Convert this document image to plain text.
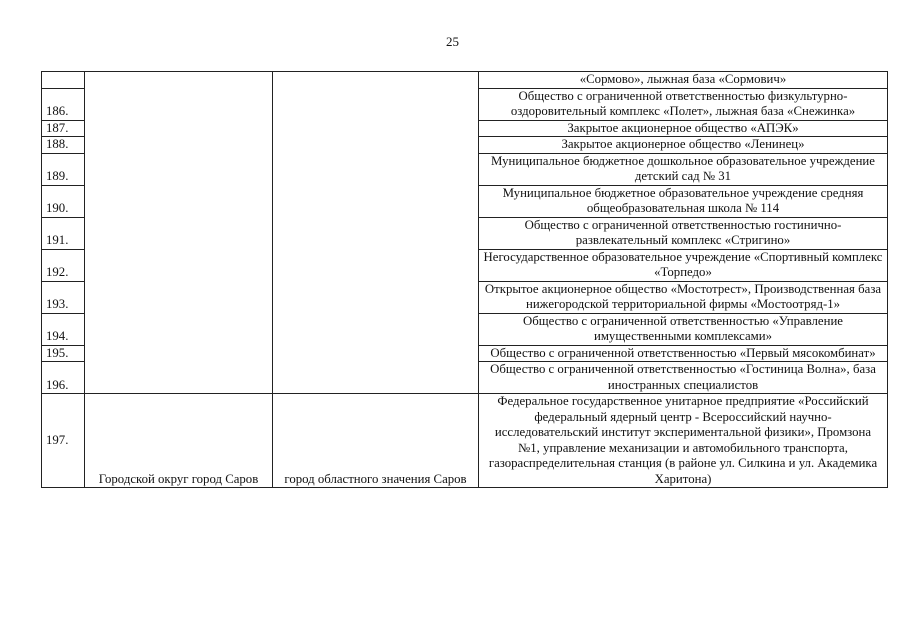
25
			«Сормово», лыжная база «Сормович»
186.			Общество с ограниченной ответственностью физкультурно-оздоровительный комплекс «Полет», лыжная база «Снежинка»
187.			Закрытое акционерное общество «АПЭК»
188.			Закрытое акционерное общество «Ленинец»
189.			Муниципальное бюджетное дошкольное образовательное учреждение детский сад № 31
190.			Муниципальное бюджетное образовательное учреждение средняя общеобразовательная школа № 114
191.			Общество с ограниченной ответственностью гостинично-развлекательный комплекс «Стригино»
192.			Негосударственное образовательное учреждение «Спортивный комплекс «Торпедо»
193.			Открытое акционерное общество «Мостотрест», Производственная база нижегородской территориальной фирмы «Мостоотряд-1»
194.			Общество с ограниченной ответственностью «Управление имущественными комплексами»
195.			Общество с ограниченной ответственностью «Первый мясокомбинат»
196.			Общество с ограниченной ответственностью «Гостиница Волна», база иностранных специалистов
197.	Городской округ город Саров	город областного значения Саров	Федеральное государственное унитарное предприятие «Российский федеральный ядерный центр - Всероссийский научно-исследовательский институт экспериментальной физики», Промзона №1, управление механизации и автомобильного транспорта, газораспределительная станция (в районе ул. Силкина и ул. Академика Харитона)
